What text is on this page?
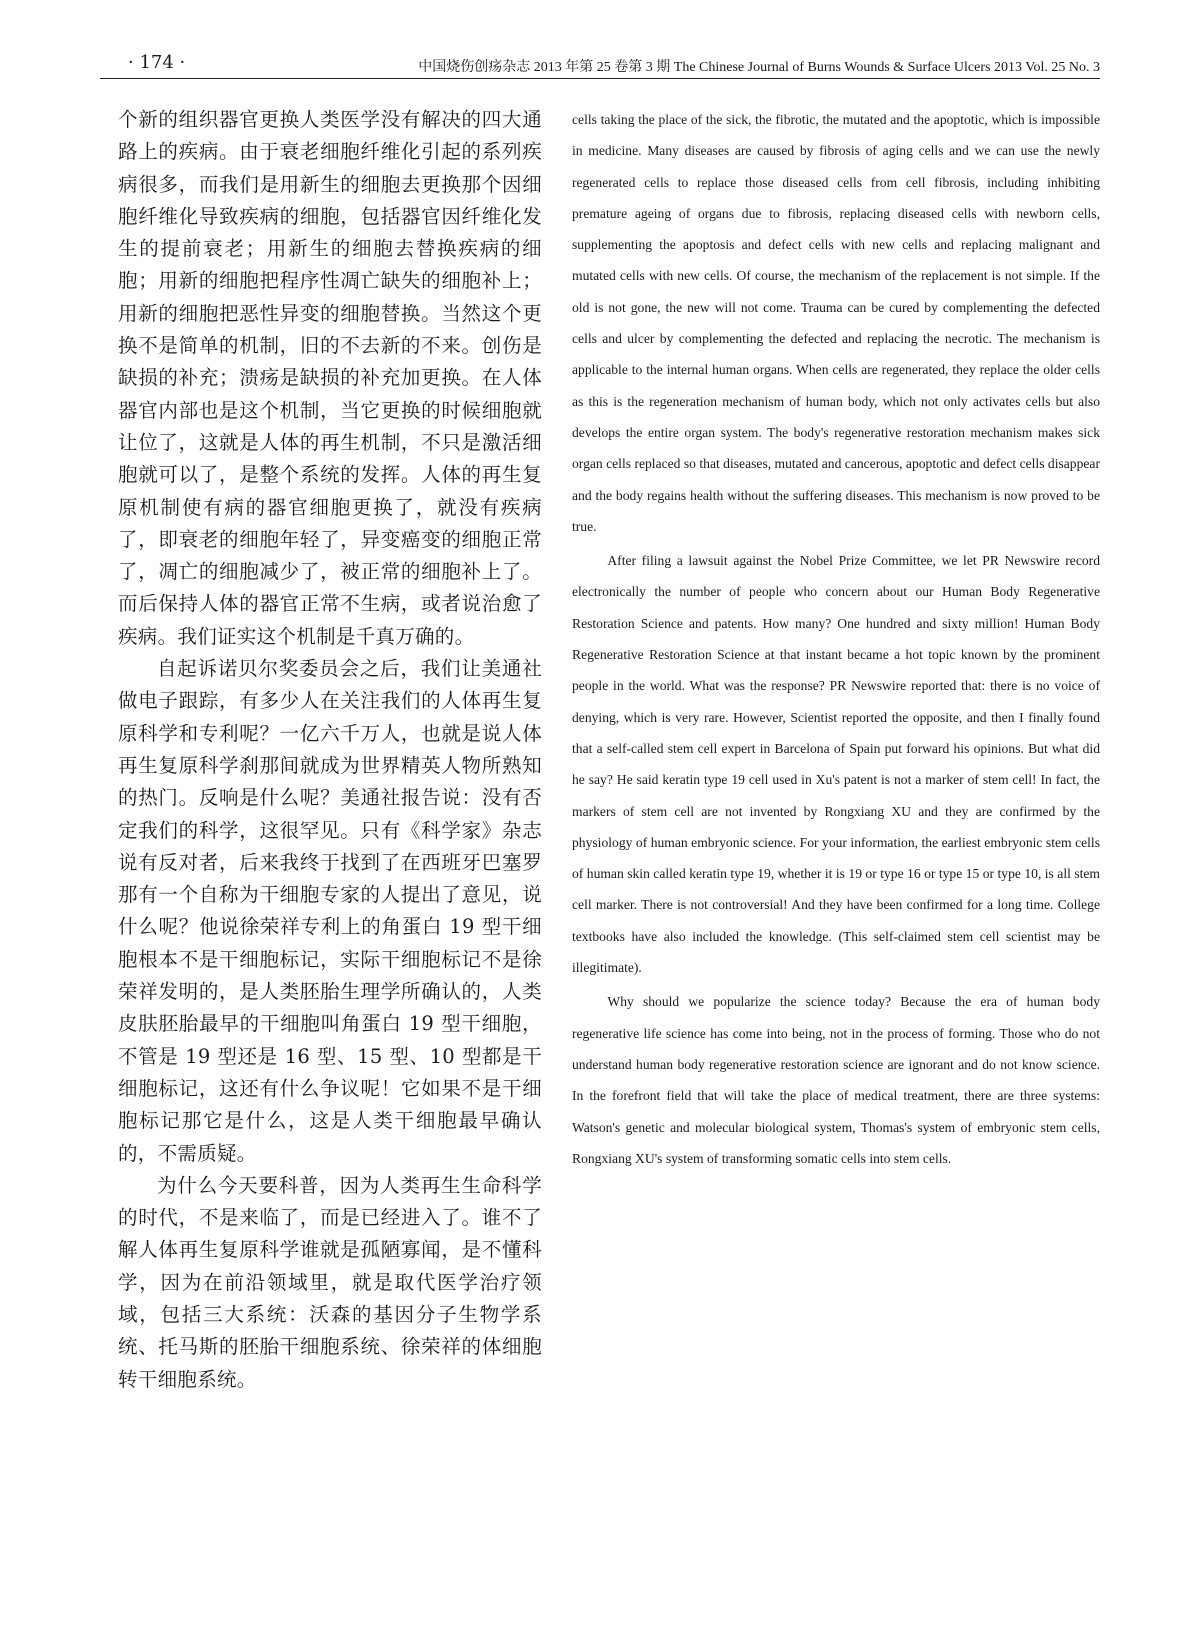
· 174 ·	中国烧伤创疡杂志 2013 年第 25 卷第 3 期 The Chinese Journal of Burns Wounds & Surface Ulcers 2013 Vol. 25 No. 3

个新的组织器官更换人类医学没有解决的四大通路上的疾病。由于衰老细胞纤维化引起的系列疾病很多，而我们是用新生的细胞去更换那个因细胞纤维化导致疾病的细胞，包括器官因纤维化发生的提前衰老；用新生的细胞去替换疾病的细胞；用新的细胞把程序性凋亡缺失的细胞补上；用新的细胞把恶性异变的细胞替换。当然这个更换不是简单的机制，旧的不去新的不来。创伤是缺损的补充；溃疡是缺损的补充加更换。在人体器官内部也是这个机制，当它更换的时候细胞就让位了，这就是人体的再生机制，不只是激活细胞就可以了，是整个系统的发挥。人体的再生复原机制使有病的器官细胞更换了，就没有疾病了，即衰老的细胞年轻了，异变癌变的细胞正常了，凋亡的细胞减少了，被正常的细胞补上了。而后保持人体的器官正常不生病，或者说治愈了疾病。我们证实这个机制是千真万确的。

自起诉诺贝尔奖委员会之后，我们让美通社做电子跟踪，有多少人在关注我们的人体再生复原科学和专利呢？一亿六千万人，也就是说人体再生复原科学刹那间就成为世界精英人物所熟知的热门。反响是什么呢？美通社报告说：没有否定我们的科学，这很罕见。只有《科学家》杂志说有反对者，后来我终于找到了在西班牙巴塞罗那有一个自称为干细胞专家的人提出了意见，说什么呢？他说徐荣祥专利上的角蛋白 19 型干细胞根本不是干细胞标记，实际干细胞标记不是徐荣祥发明的，是人类胚胎生理学所确认的，人类皮肤胚胎最早的干细胞叫角蛋白 19 型干细胞，不管是 19 型还是 16 型、15 型、10 型都是干细胞标记，这还有什么争议呢！它如果不是干细胞标记那它是什么，这是人类干细胞最早确认的，不需质疑。

为什么今天要科普，因为人类再生生命科学的时代，不是来临了，而是已经进入了。谁不了解人体再生复原科学谁就是孤陋寡闻，是不懂科学，因为在前沿领域里，就是取代医学治疗领域，包括三大系统：沃森的基因分子生物学系统、托马斯的胚胎干细胞系统、徐荣祥的体细胞转干细胞系统。

cells taking the place of the sick, the fibrotic, the mutated and the apoptotic, which is impossible in medicine. Many diseases are caused by fibrosis of aging cells and we can use the newly regenerated cells to replace those diseased cells from cell fibrosis, including inhibiting premature ageing of organs due to fibrosis, replacing diseased cells with newborn cells, supplementing the apoptosis and defect cells with new cells and replacing malignant and mutated cells with new cells. Of course, the mechanism of the replacement is not simple. If the old is not gone, the new will not come. Trauma can be cured by complementing the defected cells and ulcer by complementing the defected and replacing the necrotic. The mechanism is applicable to the internal human organs. When cells are regenerated, they replace the older cells as this is the regeneration mechanism of human body, which not only activates cells but also develops the entire organ system. The body's regenerative restoration mechanism makes sick organ cells replaced so that diseases, mutated and cancerous, apoptotic and defect cells disappear and the body regains health without the suffering diseases. This mechanism is now proved to be true.

After filing a lawsuit against the Nobel Prize Committee, we let PR Newswire record electronically the number of people who concern about our Human Body Regenerative Restoration Science and patents. How many? One hundred and sixty million! Human Body Regenerative Restoration Science at that instant became a hot topic known by the prominent people in the world. What was the response? PR Newswire reported that: there is no voice of denying, which is very rare. However, Scientist reported the opposite, and then I finally found that a self-called stem cell expert in Barcelona of Spain put forward his opinions. But what did he say? He said keratin type 19 cell used in Xu's patent is not a marker of stem cell! In fact, the markers of stem cell are not invented by Rongxiang XU and they are confirmed by the physiology of human embryonic science. For your information, the earliest embryonic stem cells of human skin called keratin type 19, whether it is 19 or type 16 or type 15 or type 10, is all stem cell marker. There is not controversial! And they have been confirmed for a long time. College textbooks have also included the knowledge. (This self-claimed stem cell scientist may be illegitimate).

Why should we popularize the science today? Because the era of human body regenerative life science has come into being, not in the process of forming. Those who do not understand human body regenerative restoration science are ignorant and do not know science. In the forefront field that will take the place of medical treatment, there are three systems: Watson's genetic and molecular biological system, Thomas's system of embryonic stem cells, Rongxiang XU's system of transforming somatic cells into stem cells.
